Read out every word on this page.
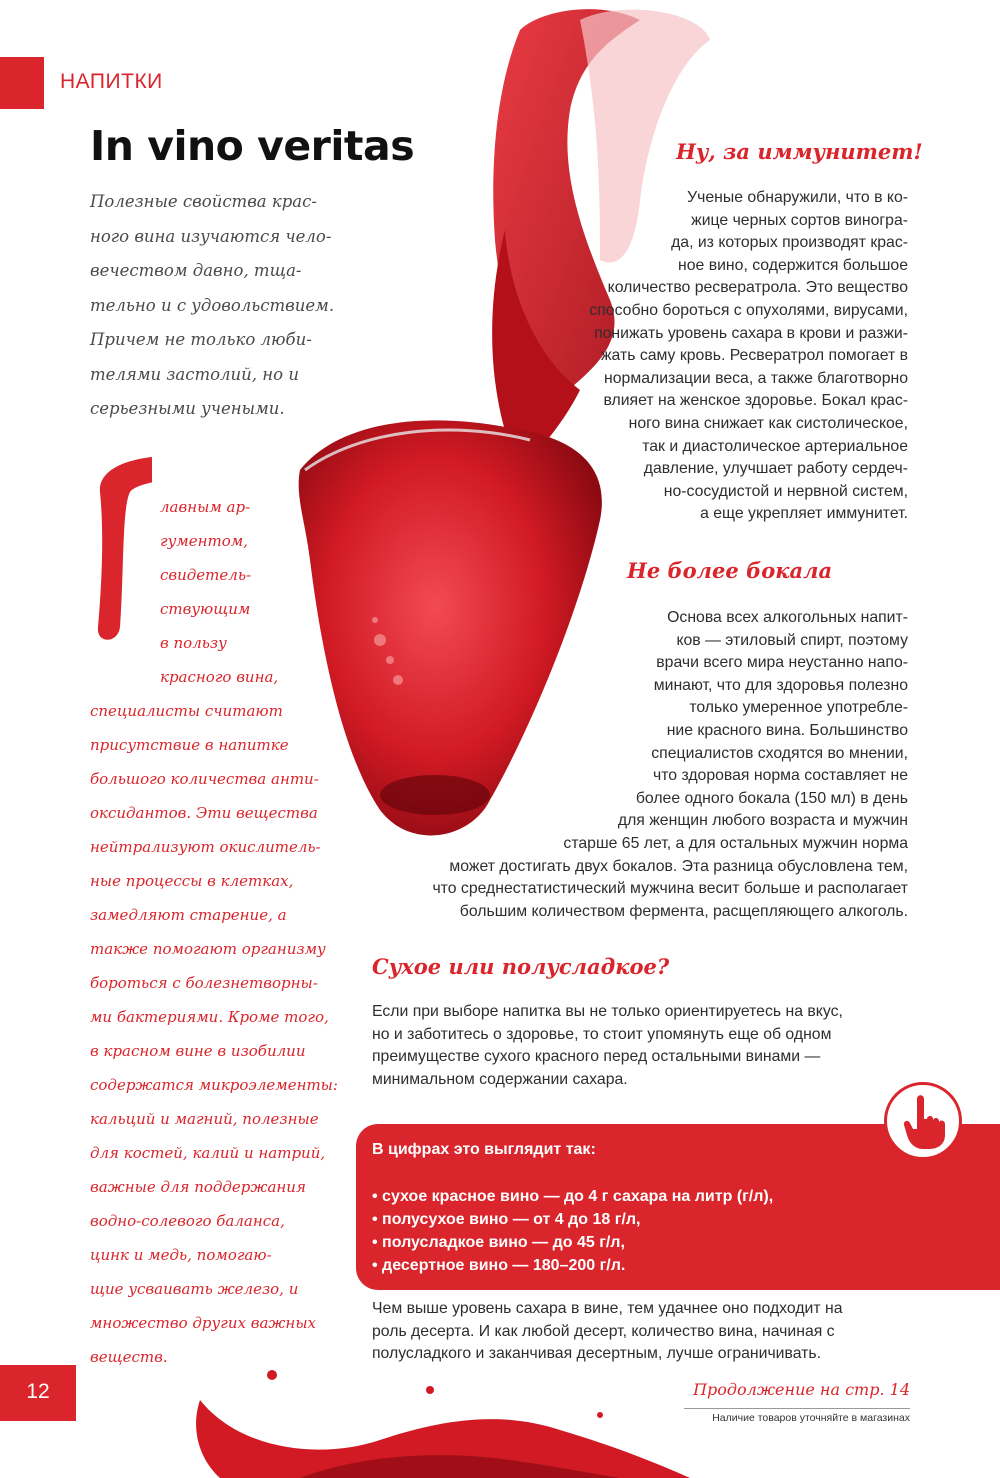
НАПИТКИ
In vino veritas
Полезные свойства крас-
ного вина изучаются чело-
вечеством давно, тща-
тельно и с удовольствием.
Причем не только люби-
телями застолий, но и
серьезными учеными.
лавным ар-
гументом,
свидетель-
ствующим
в пользу
красного вина,
специалисты считают
присутствие в напитке
большого количества анти-
оксидантов. Эти вещества
нейтрализуют окислитель-
ные процессы в клетках,
замедляют старение, а
также помогают организму
бороться с болезнетворны-
ми бактериями. Кроме того,
в красном вине в изобилии
содержатся микроэлементы:
кальций и магний, полезные
для костей, калий и натрий,
важные для поддержания
водно-солевого баланса,
цинк и медь, помогаю-
щие усваивать железо, и
множество других важных
веществ.
Ну, за иммунитет!
Ученые обнаружили, что в ко-
жице черных сортов виногра-
да, из которых производят крас-
ное вино, содержится большое
количество ресвератрола. Это вещество
способно бороться с опухолями, вирусами,
понижать уровень сахара в крови и разжи-
жать саму кровь. Ресвератрол помогает в
нормализации веса, а также благотворно
влияет на женское здоровье. Бокал крас-
ного вина снижает как систолическое,
так и диастолическое артериальное
давление, улучшает работу сердеч-
но-сосудистой и нервной систем,
а еще укрепляет иммунитет.
Не более бокала
Основа всех алкогольных напит-
ков — этиловый спирт, поэтому
врачи всего мира неустанно напо-
минают, что для здоровья полезно
только умеренное употребле-
ние красного вина. Большинство
специалистов сходятся во мнении,
что здоровая норма составляет не
более одного бокала (150 мл) в день
для женщин любого возраста и мужчин
старше 65 лет, а для остальных мужчин норма
может достигать двух бокалов. Эта разница обусловлена тем,
что среднестатистический мужчина весит больше и располагает
большим количеством фермента, расщепляющего алкоголь.
Сухое или полусладкое?
Если при выборе напитка вы не только ориентируетесь на вкус,
но и заботитесь о здоровье, то стоит упомянуть еще об одном
преимуществе сухого красного перед остальными винами —
минимальном содержании сахара.
В цифрах это выглядит так:
• сухое красное вино — до 4 г сахара на литр (г/л),
• полусухое вино — от 4 до 18 г/л,
• полусладкое вино — до 45 г/л,
• десертное вино — 180–200 г/л.
Чем выше уровень сахара в вине, тем удачнее оно подходит на
роль десерта. И как любой десерт, количество вина, начиная с
полусладкого и заканчивая десертным, лучше ограничивать.
12	Продолжение на стр. 14
Наличие товаров уточняйте в магазинах
